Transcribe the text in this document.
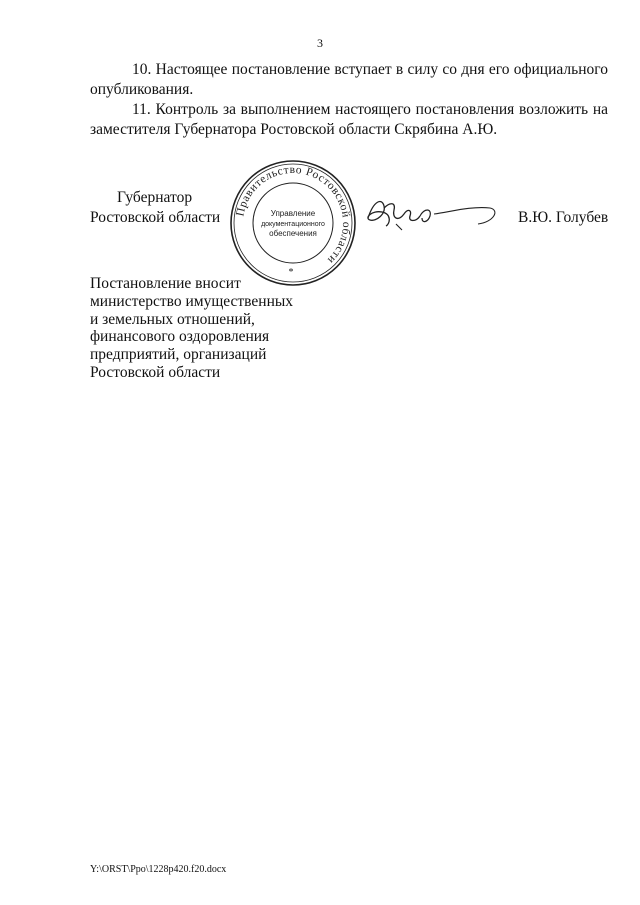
3
10. Настоящее постановление вступает в силу со дня его официального опубликования.
11. Контроль за выполнением настоящего постановления возложить на заместителя Губернатора Ростовской области Скрябина А.Ю.
Губернатор
Ростовской области Правительство Ростовской области
Управление
документационного
обеспечения
*
В.Ю. Голубев
Постановление вносит
министерство имущественных
и земельных отношений,
финансового оздоровления
предприятий, организаций
Ростовской области
Y:\ORST\Ppo\1228p420.f20.docx
